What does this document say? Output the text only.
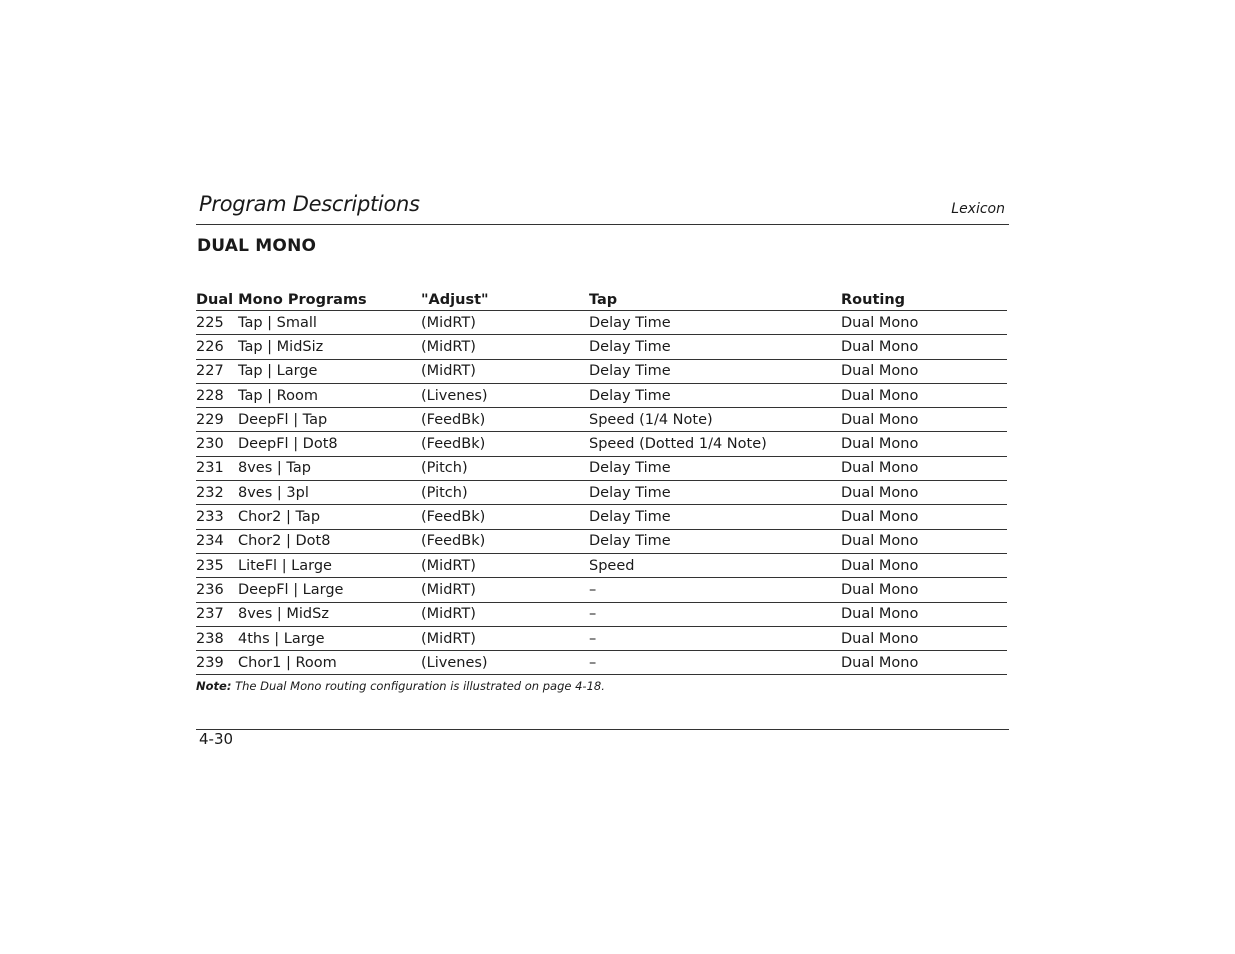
Program Descriptions	Lexicon
DUAL MONO
Dual Mono Programs	"Adjust"	Tap	Routing
225 Tap | Small	(MidRT)	Delay Time	Dual Mono
226 Tap | MidSiz	(MidRT)	Delay Time	Dual Mono
227 Tap | Large	(MidRT)	Delay Time	Dual Mono
228 Tap | Room	(Livenes)	Delay Time	Dual Mono
229 DeepFl | Tap	(FeedBk)	Speed (1/4 Note)	Dual Mono
230 DeepFl | Dot8	(FeedBk)	Speed (Dotted 1/4 Note)	Dual Mono
231 8ves | Tap	(Pitch)	Delay Time	Dual Mono
232 8ves | 3pl	(Pitch)	Delay Time	Dual Mono
233 Chor2 | Tap	(FeedBk)	Delay Time	Dual Mono
234 Chor2 | Dot8	(FeedBk)	Delay Time	Dual Mono
235 LiteFl | Large	(MidRT)	Speed	Dual Mono
236 DeepFl | Large	(MidRT)	–	Dual Mono
237 8ves | MidSz	(MidRT)	–	Dual Mono
238 4ths | Large	(MidRT)	–	Dual Mono
239 Chor1 | Room	(Livenes)	–	Dual Mono
Note: The Dual Mono routing configuration is illustrated on page 4-18.
4-30
